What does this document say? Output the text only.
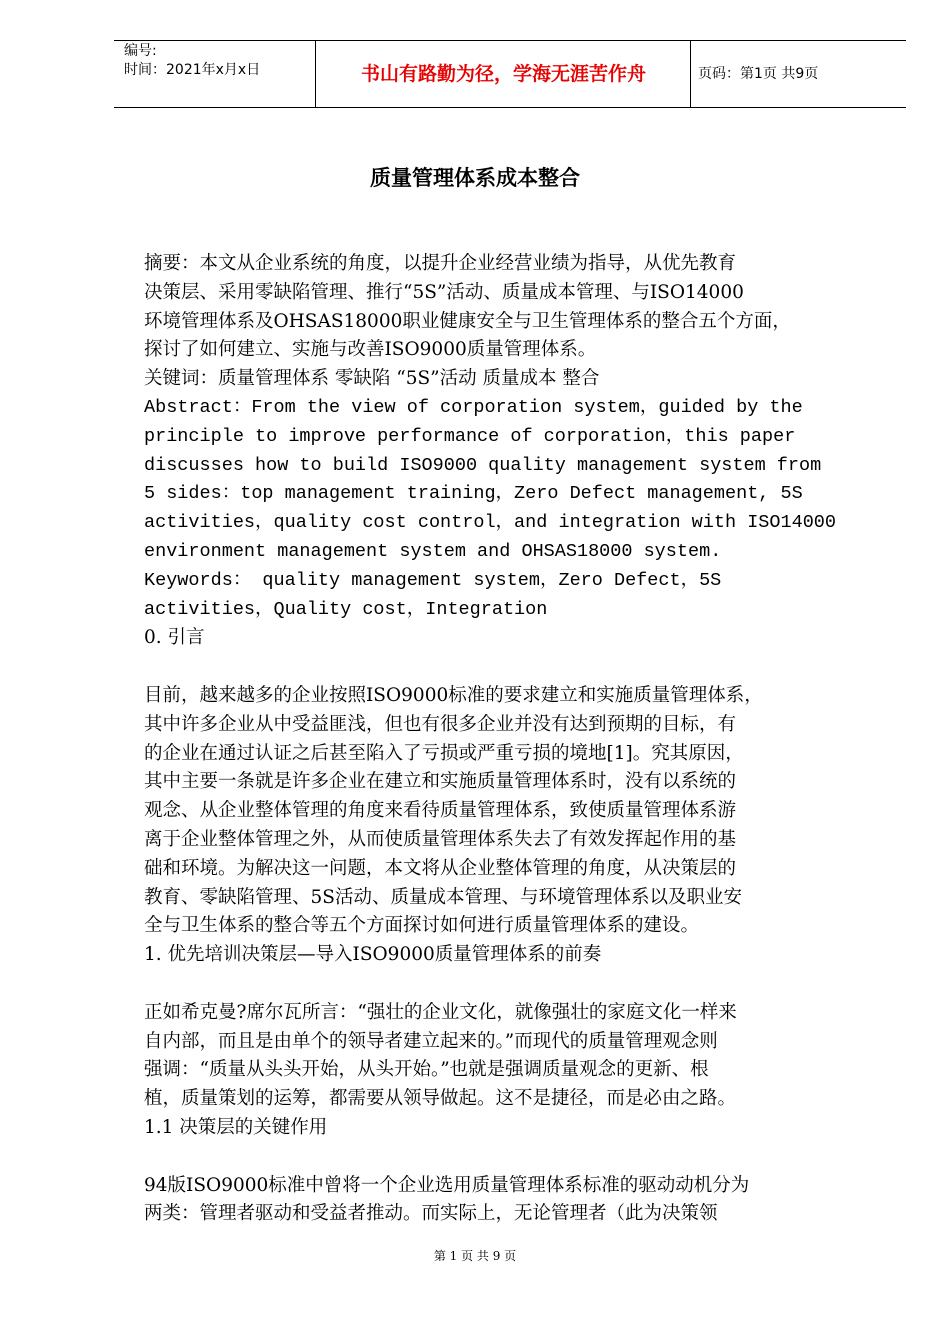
编号:
时间：2021年x月x日	书山有路勤为径，学海无涯苦作舟	页码：第1页 共9页
质量管理体系成本整合

摘要：本文从企业系统的角度，以提升企业经营业绩为指导，从优先教育

决策层、采用零缺陷管理、推行“5S”活动、质量成本管理、与ISO14000

环境管理体系及OHSAS18000职业健康安全与卫生管理体系的整合五个方面，

探讨了如何建立、实施与改善ISO9000质量管理体系。

关键词：质量管理体系 零缺陷 “5S”活动 质量成本 整合

Abstract：From the view of corporation system，guided by the

principle to improve performance of corporation，this paper

discusses how to build ISO9000 quality management system from

5 sides：top management training，Zero Defect management, 5S

activities，quality cost control，and integration with ISO14000

environment management system and OHSAS18000 system.

Keywords： quality management system，Zero Defect，5S

activities，Quality cost，Integration

0. 引言

目前，越来越多的企业按照ISO9000标准的要求建立和实施质量管理体系，

其中许多企业从中受益匪浅，但也有很多企业并没有达到预期的目标，有

的企业在通过认证之后甚至陷入了亏损或严重亏损的境地[1]。究其原因，

其中主要一条就是许多企业在建立和实施质量管理体系时，没有以系统的

观念、从企业整体管理的角度来看待质量管理体系，致使质量管理体系游

离于企业整体管理之外，从而使质量管理体系失去了有效发挥起作用的基

础和环境。为解决这一问题，本文将从企业整体管理的角度，从决策层的

教育、零缺陷管理、5S活动、质量成本管理、与环境管理体系以及职业安

全与卫生体系的整合等五个方面探讨如何进行质量管理体系的建设。

1. 优先培训决策层—导入ISO9000质量管理体系的前奏

正如希克曼?席尔瓦所言：“强壮的企业文化，就像强壮的家庭文化一样来

自内部，而且是由单个的领导者建立起来的。”而现代的质量管理观念则

强调：“质量从头头开始，从头开始。”也就是强调质量观念的更新、根

植，质量策划的运筹，都需要从领导做起。这不是捷径，而是必由之路。

1.1 决策层的关键作用

94版ISO9000标准中曾将一个企业选用质量管理体系标准的驱动动机分为

两类：管理者驱动和受益者推动。而实际上，无论管理者（此为决策领

第 1 页 共 9 页
